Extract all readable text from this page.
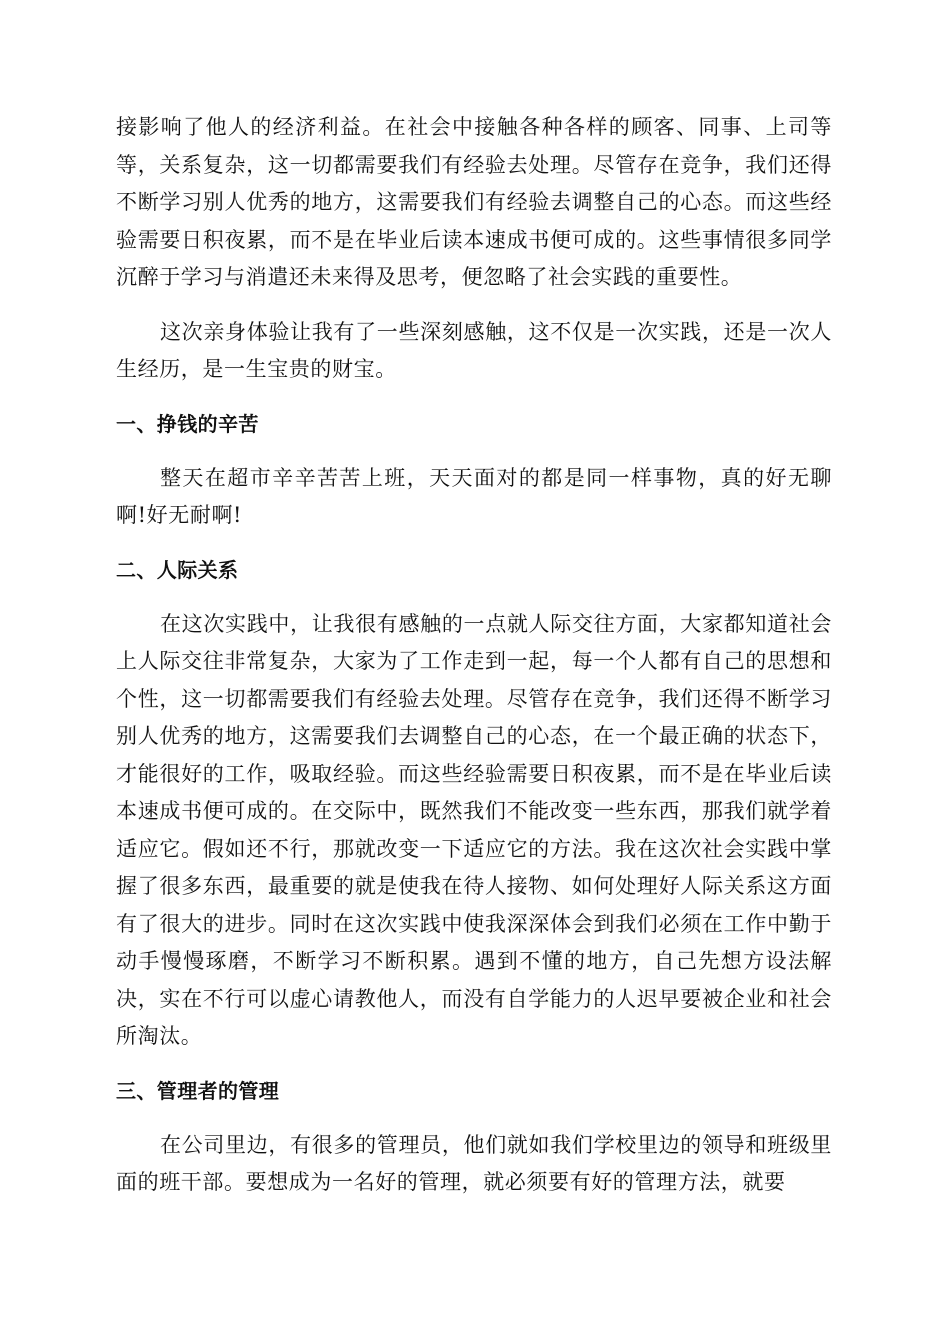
接影响了他人的经济利益。在社会中接触各种各样的顾客、同事、上司等等，关系复杂，这一切都需要我们有经验去处理。尽管存在竞争，我们还得不断学习别人优秀的地方，这需要我们有经验去调整自己的心态。而这些经验需要日积夜累，而不是在毕业后读本速成书便可成的。这些事情很多同学沉醉于学习与消遣还未来得及思考，便忽略了社会实践的重要性。

这次亲身体验让我有了一些深刻感触，这不仅是一次实践，还是一次人生经历，是一生宝贵的财宝。

一、挣钱的辛苦

整天在超市辛辛苦苦上班，天天面对的都是同一样事物，真的好无聊啊!好无耐啊!

二、人际关系

在这次实践中，让我很有感触的一点就人际交往方面，大家都知道社会上人际交往非常复杂，大家为了工作走到一起，每一个人都有自己的思想和个性，这一切都需要我们有经验去处理。尽管存在竞争，我们还得不断学习别人优秀的地方，这需要我们去调整自己的心态，在一个最正确的状态下，才能很好的工作，吸取经验。而这些经验需要日积夜累，而不是在毕业后读本速成书便可成的。在交际中，既然我们不能改变一些东西，那我们就学着适应它。假如还不行，那就改变一下适应它的方法。我在这次社会实践中掌握了很多东西，最重要的就是使我在待人接物、如何处理好人际关系这方面有了很大的进步。同时在这次实践中使我深深体会到我们必须在工作中勤于动手慢慢琢磨，不断学习不断积累。遇到不懂的地方，自己先想方设法解决，实在不行可以虚心请教他人，而没有自学能力的人迟早要被企业和社会所淘汰。

三、管理者的管理

在公司里边，有很多的管理员，他们就如我们学校里边的领导和班级里面的班干部。要想成为一名好的管理，就必须要有好的管理方法，就要
